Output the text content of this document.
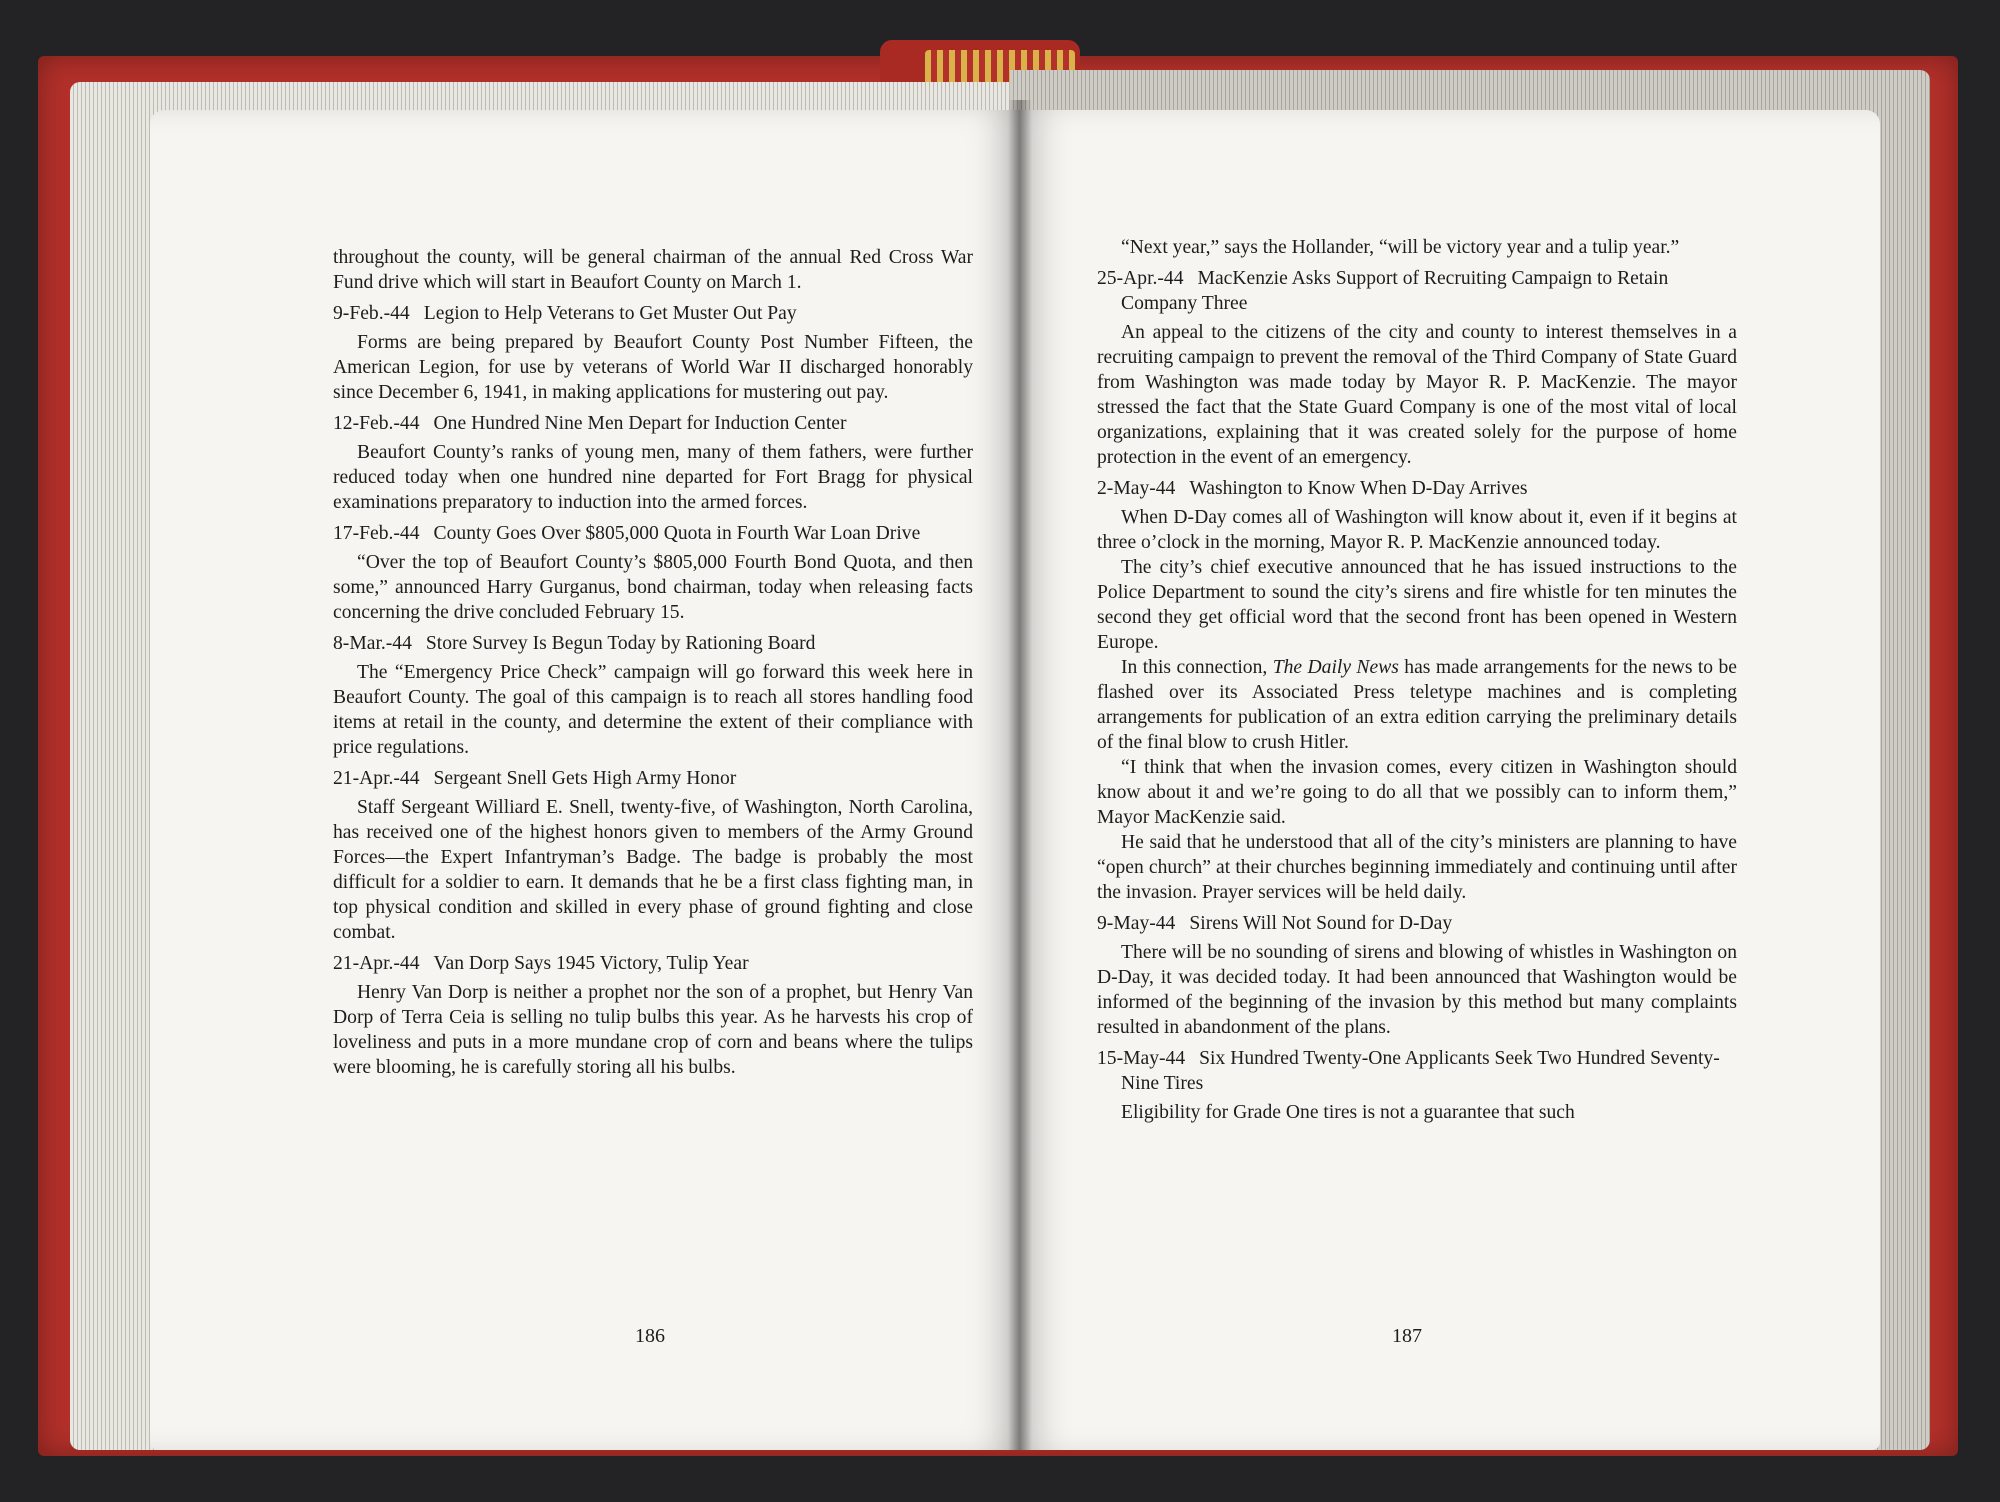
throughout the county, will be general chairman of the annual Red Cross War Fund drive which will start in Beaufort County on March 1.

9-Feb.-44 Legion to Help Veterans to Get Muster Out Pay

Forms are being prepared by Beaufort County Post Number Fifteen, the American Legion, for use by veterans of World War II discharged honorably since December 6, 1941, in making applications for mustering out pay.

12-Feb.-44 One Hundred Nine Men Depart for Induction Center

Beaufort County’s ranks of young men, many of them fathers, were further reduced today when one hundred nine departed for Fort Bragg for physical examinations preparatory to induction into the armed forces.

17-Feb.-44 County Goes Over $805,000 Quota in Fourth War Loan Drive

“Over the top of Beaufort County’s $805,000 Fourth Bond Quota, and then some,” announced Harry Gurganus, bond chairman, today when releasing facts concerning the drive concluded February 15.

8-Mar.-44 Store Survey Is Begun Today by Rationing Board

The “Emergency Price Check” campaign will go forward this week here in Beaufort County. The goal of this campaign is to reach all stores handling food items at retail in the county, and determine the extent of their compliance with price regulations.

21-Apr.-44 Sergeant Snell Gets High Army Honor

Staff Sergeant Williard E. Snell, twenty-five, of Washington, North Carolina, has received one of the highest honors given to members of the Army Ground Forces—the Expert Infantryman’s Badge. The badge is probably the most difficult for a soldier to earn. It demands that he be a first class fighting man, in top physical condition and skilled in every phase of ground fighting and close combat.

21-Apr.-44 Van Dorp Says 1945 Victory, Tulip Year

Henry Van Dorp is neither a prophet nor the son of a prophet, but Henry Van Dorp of Terra Ceia is selling no tulip bulbs this year. As he harvests his crop of loveliness and puts in a more mundane crop of corn and beans where the tulips were blooming, he is carefully storing all his bulbs.

186

“Next year,” says the Hollander, “will be victory year and a tulip year.”

25-Apr.-44 MacKenzie Asks Support of Recruiting Campaign to Retain Company Three

An appeal to the citizens of the city and county to interest themselves in a recruiting campaign to prevent the removal of the Third Company of State Guard from Washington was made today by Mayor R. P. MacKenzie. The mayor stressed the fact that the State Guard Company is one of the most vital of local organizations, explaining that it was created solely for the purpose of home protection in the event of an emergency.

2-May-44 Washington to Know When D-Day Arrives

When D-Day comes all of Washington will know about it, even if it begins at three o’clock in the morning, Mayor R. P. MacKenzie announced today.

The city’s chief executive announced that he has issued instructions to the Police Department to sound the city’s sirens and fire whistle for ten minutes the second they get official word that the second front has been opened in Western Europe.

In this connection, The Daily News has made arrangements for the news to be flashed over its Associated Press teletype machines and is completing arrangements for publication of an extra edition carrying the preliminary details of the final blow to crush Hitler.

“I think that when the invasion comes, every citizen in Washington should know about it and we’re going to do all that we possibly can to inform them,” Mayor MacKenzie said.

He said that he understood that all of the city’s ministers are planning to have “open church” at their churches beginning immediately and continuing until after the invasion. Prayer services will be held daily.

9-May-44 Sirens Will Not Sound for D-Day

There will be no sounding of sirens and blowing of whistles in Washington on D-Day, it was decided today. It had been announced that Washington would be informed of the beginning of the invasion by this method but many complaints resulted in abandonment of the plans.

15-May-44 Six Hundred Twenty-One Applicants Seek Two Hundred Seventy-Nine Tires

Eligibility for Grade One tires is not a guarantee that such

187
